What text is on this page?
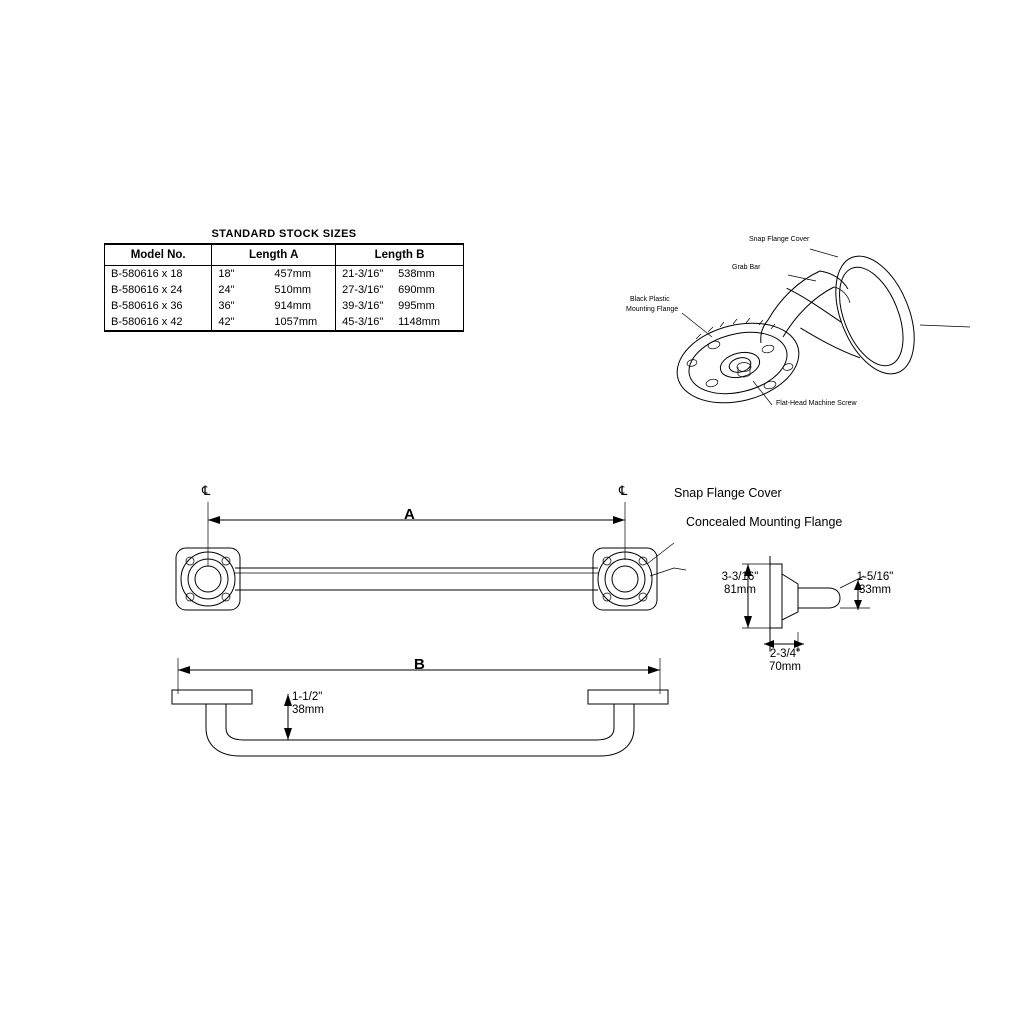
STANDARD STOCK SIZES
Model No.	Length A	Length B
B-580616 x 18	18" 457mm	21-3/16" 538mm
B-580616 x 24	24" 510mm	27-3/16" 690mm
B-580616 x 36	36" 914mm	39-3/16" 995mm
B-580616 x 42	42" 1057mm	45-3/16" 1148mm
Snap Flange Cover
Grab Bar
Black Plastic
Mounting Flange
Flat-Head Machine Screw
Snap Flange Cover
Concealed Mounting Flange
A
℄	℄
3-3/16"
81mm
1-5/16"
33mm
2-3/4"
70mm
B
1-1/2"
38mm
